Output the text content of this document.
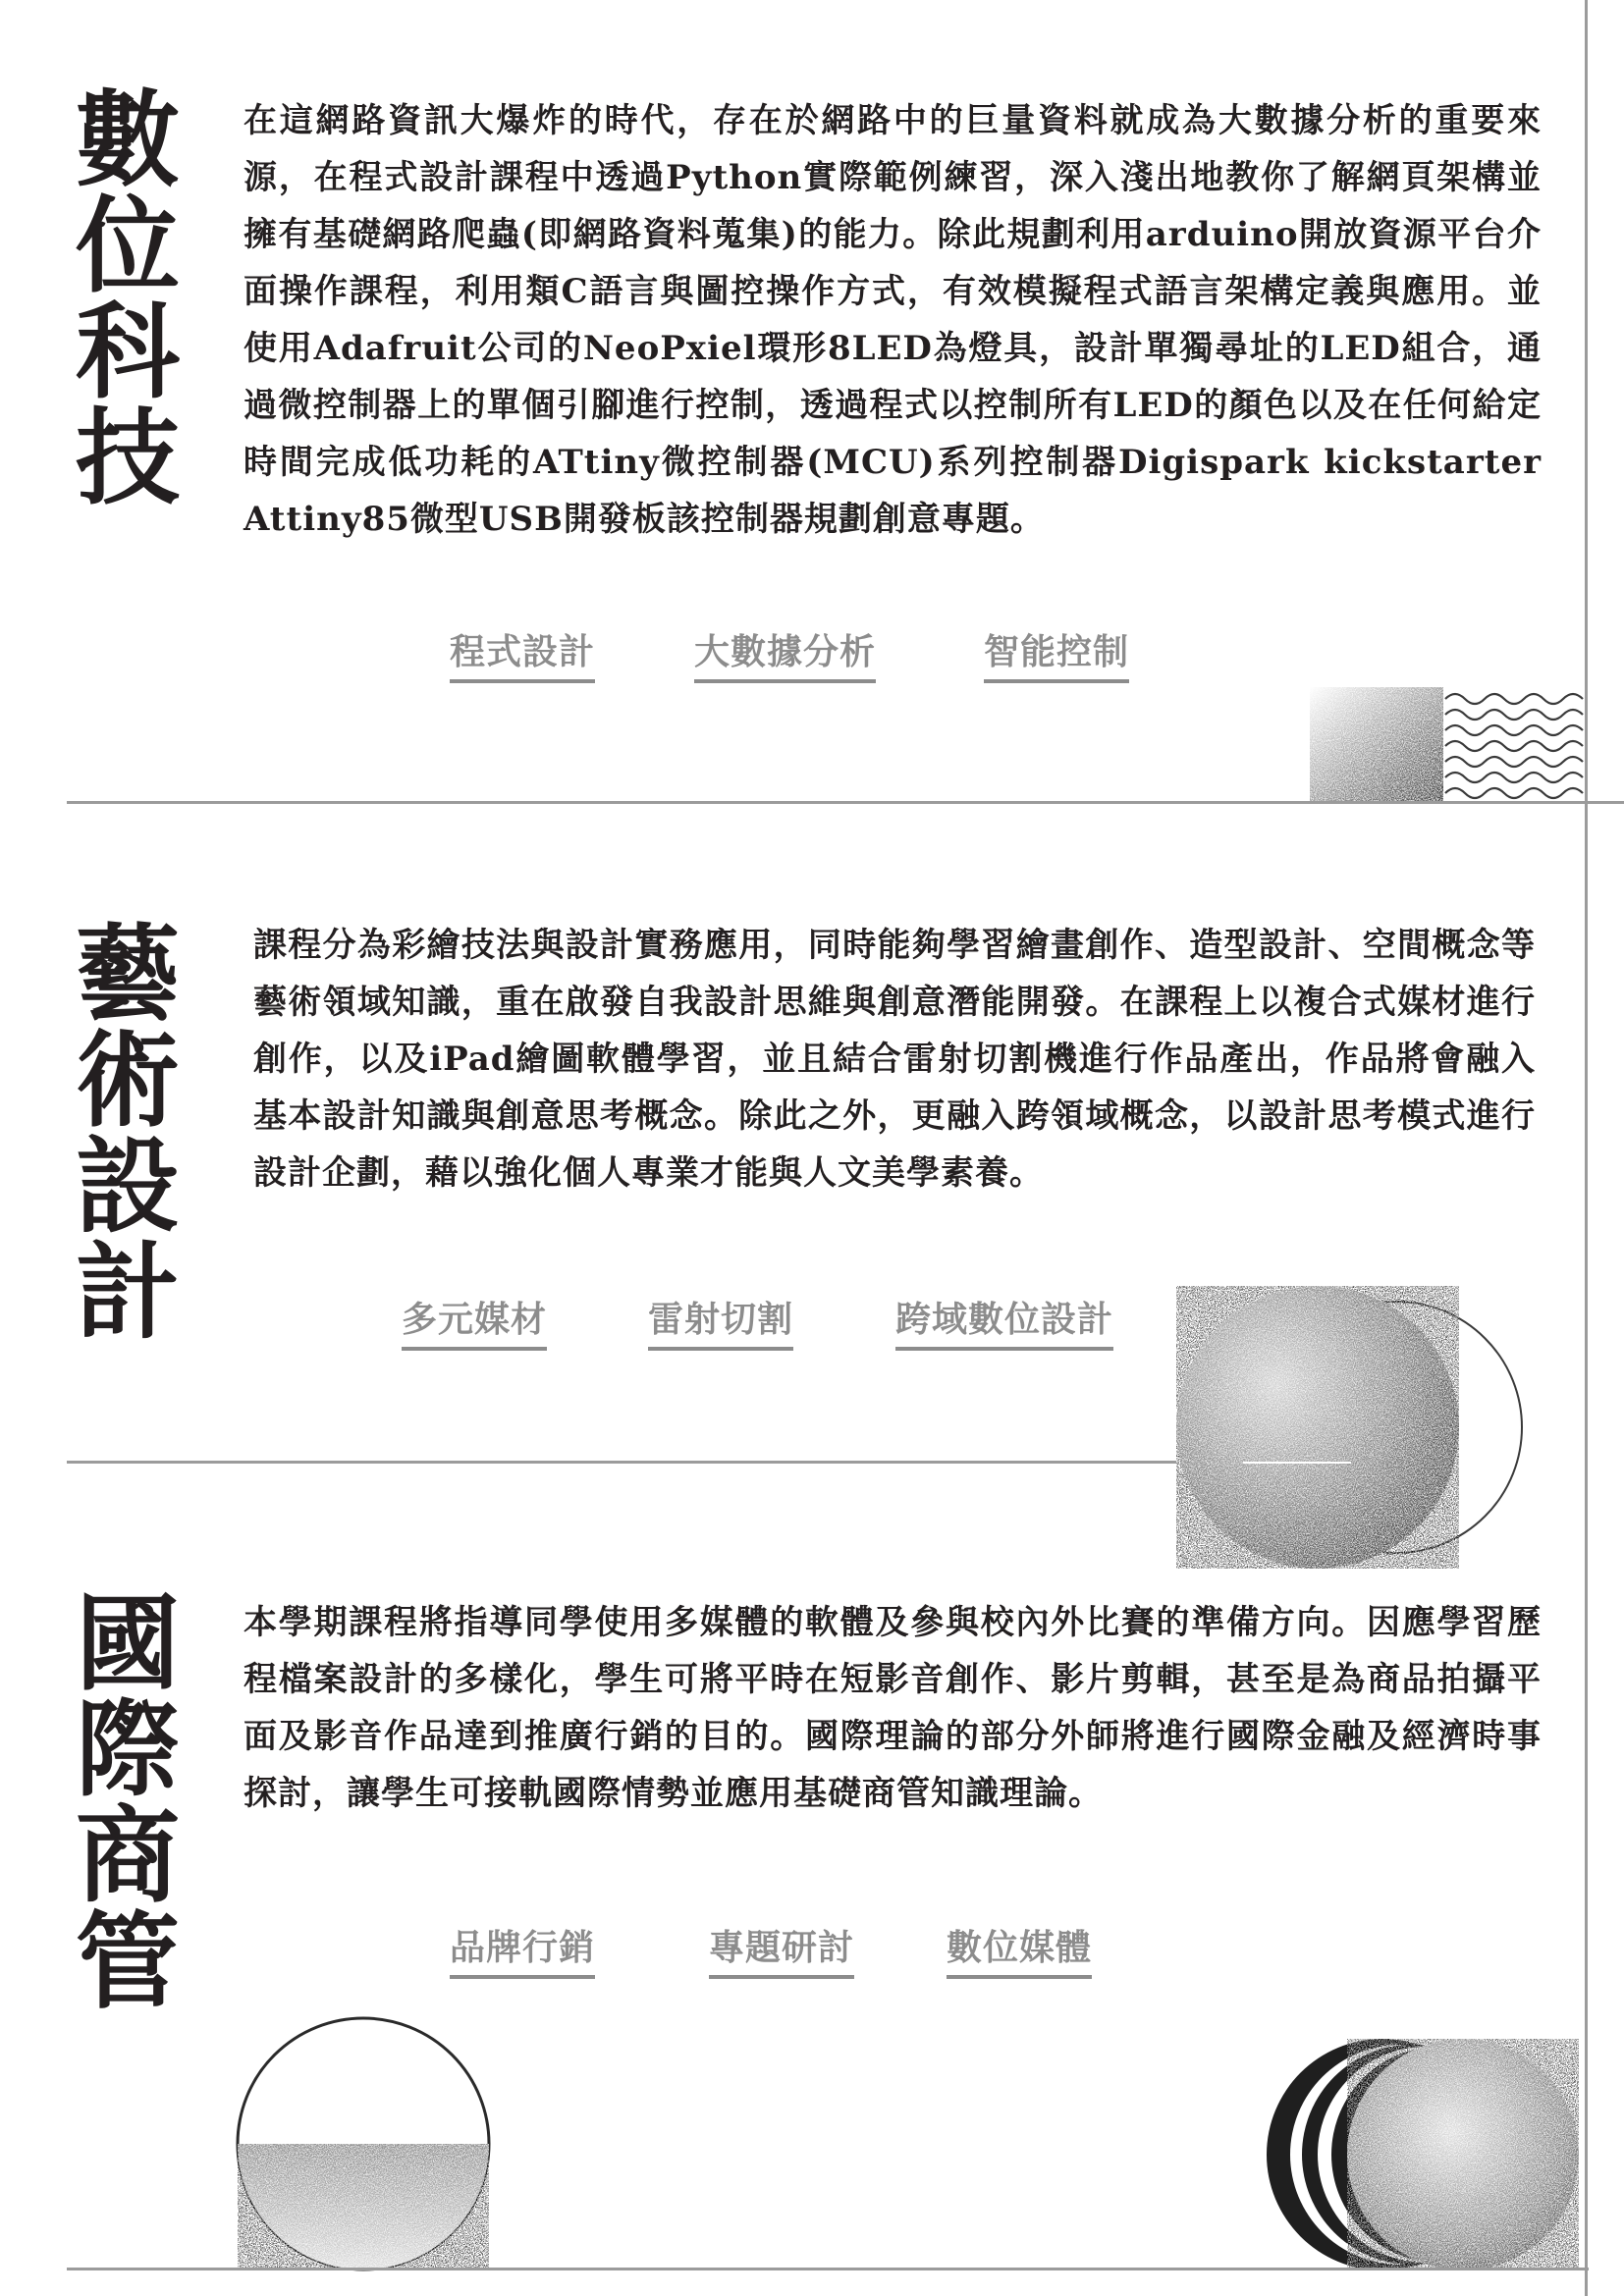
數位科技 在這網路資訊大爆炸的時代，存在於網路中的巨量資料就成為大數據分析的重要來源，在程式設計課程中透過Python實際範例練習，深入淺出地教你了解網頁架構並擁有基礎網路爬蟲(即網路資料蒐集)的能力。除此規劃利用arduino開放資源平台介面操作課程，利用類C語言與圖控操作方式，有效模擬程式語言架構定義與應用。並使用Adafruit公司的NeoPxiel環形8LED為燈具，設計單獨尋址的LED組合，通過微控制器上的單個引腳進行控制，透過程式以控制所有LED的顏色以及在任何給定時間完成低功耗的ATtiny微控制器(MCU)系列控制器Digispark kickstarter Attiny85微型USB開發板該控制器規劃創意專題。

程式設計	大數據分析	智能控制
藝術設計 課程分為彩繪技法與設計實務應用，同時能夠學習繪畫創作、造型設計、空間概念等藝術領域知識，重在啟發自我設計思維與創意潛能開發。在課程上以複合式媒材進行創作，以及iPad繪圖軟體學習，並且結合雷射切割機進行作品產出，作品將會融入基本設計知識與創意思考概念。除此之外，更融入跨領域概念，以設計思考模式進行設計企劃，藉以強化個人專業才能與人文美學素養。

多元媒材	雷射切割	跨域數位設計
國際商管 本學期課程將指導同學使用多媒體的軟體及參與校內外比賽的準備方向。因應學習歷程檔案設計的多樣化，學生可將平時在短影音創作、影片剪輯，甚至是為商品拍攝平面及影音作品達到推廣行銷的目的。國際理論的部分外師將進行國際金融及經濟時事探討，讓學生可接軌國際情勢並應用基礎商管知識理論。

品牌行銷	專題研討	數位媒體
